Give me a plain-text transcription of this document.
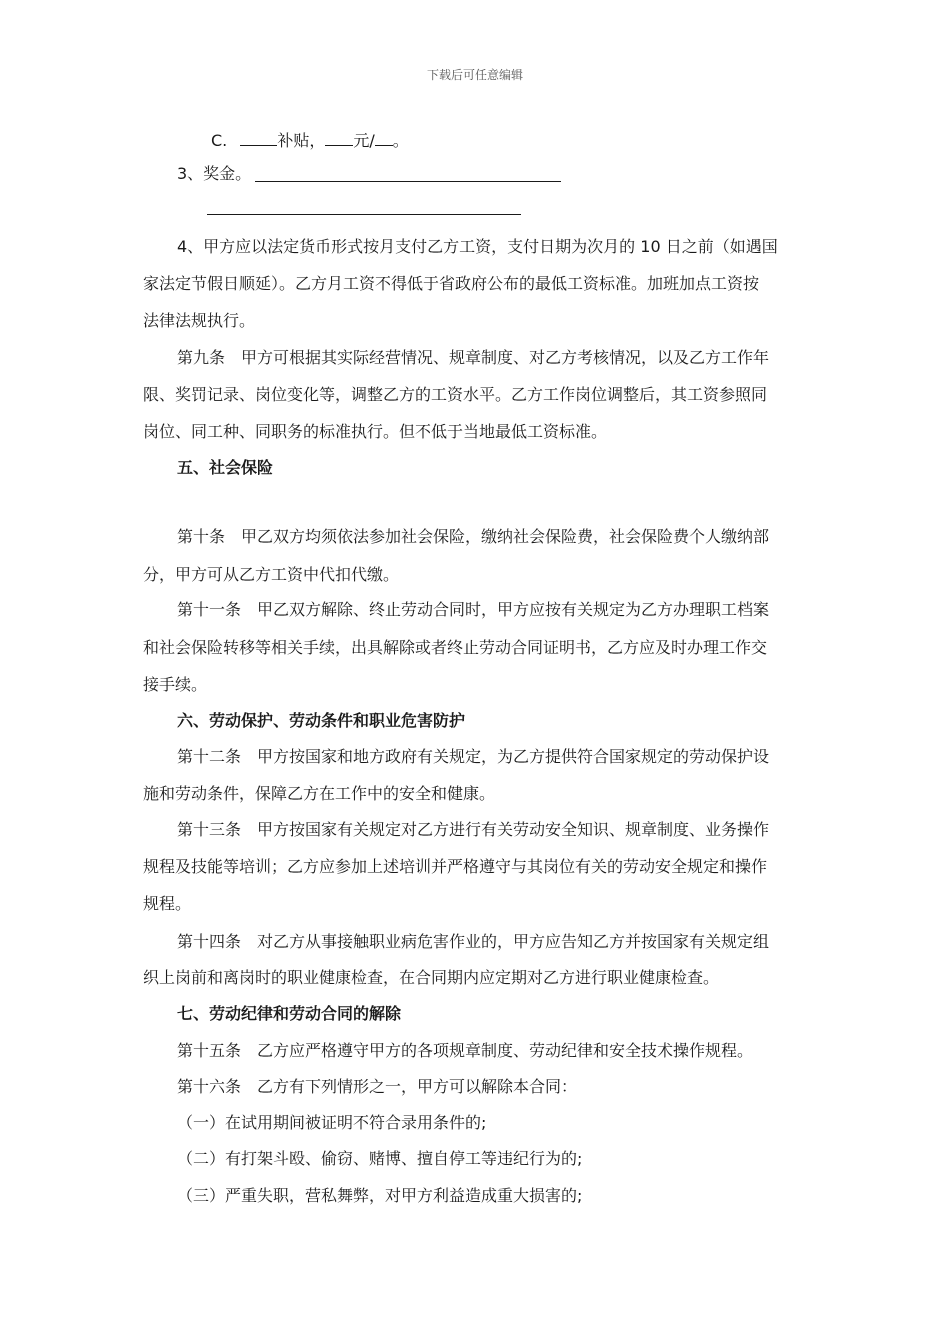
下载后可任意编辑
C.	补贴， 元/ 。
3、奖金。
4、甲方应以法定货币形式按月支付乙方工资，支付日期为次月的 10 日之前（如遇国
家法定节假日顺延）。乙方月工资不得低于省政府公布的最低工资标准。加班加点工资按
法律法规执行。
第九条　甲方可根据其实际经营情况、规章制度、对乙方考核情况，以及乙方工作年
限、奖罚记录、岗位变化等，调整乙方的工资水平。乙方工作岗位调整后，其工资参照同
岗位、同工种、同职务的标准执行。但不低于当地最低工资标准。
五、社会保险
第十条　甲乙双方均须依法参加社会保险，缴纳社会保险费，社会保险费个人缴纳部
分，甲方可从乙方工资中代扣代缴。
第十一条　甲乙双方解除、终止劳动合同时，甲方应按有关规定为乙方办理职工档案
和社会保险转移等相关手续，出具解除或者终止劳动合同证明书，乙方应及时办理工作交
接手续。
六、劳动保护、劳动条件和职业危害防护
第十二条　甲方按国家和地方政府有关规定，为乙方提供符合国家规定的劳动保护设
施和劳动条件，保障乙方在工作中的安全和健康。
第十三条　甲方按国家有关规定对乙方进行有关劳动安全知识、规章制度、业务操作
规程及技能等培训；乙方应参加上述培训并严格遵守与其岗位有关的劳动安全规定和操作
规程。
第十四条　对乙方从事接触职业病危害作业的，甲方应告知乙方并按国家有关规定组
织上岗前和离岗时的职业健康检查，在合同期内应定期对乙方进行职业健康检查。
七、劳动纪律和劳动合同的解除
第十五条　乙方应严格遵守甲方的各项规章制度、劳动纪律和安全技术操作规程。
第十六条　乙方有下列情形之一，甲方可以解除本合同：
（一）在试用期间被证明不符合录用条件的;
（二）有打架斗殴、偷窃、赌博、擅自停工等违纪行为的;
（三）严重失职，营私舞弊，对甲方利益造成重大损害的;
